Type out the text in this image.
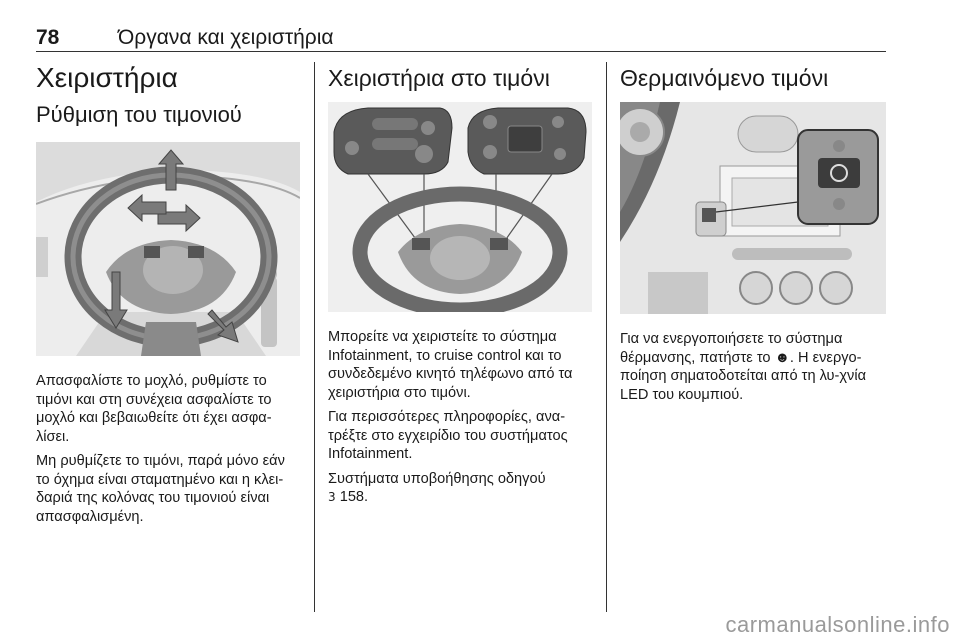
78	Όργανα και χειριστήρια
Χειριστήρια
Ρύθμιση του τιμονιού

Απασφαλίστε το μοχλό, ρυθμίστε το τιμόνι και στη συνέχεια ασφαλίστε το μοχλό και βεβαιωθείτε ότι έχει ασφα-λίσει.

Μη ρυθμίζετε το τιμόνι, παρά μόνο εάν το όχημα είναι σταματημένο και η κλει-δαριά της κολόνας του τιμονιού είναι απασφαλισμένη.

Χειριστήρια στο τιμόνι

Μπορείτε να χειριστείτε το σύστημα Infotainment, το cruise control και το συνδεδεμένο κινητό τηλέφωνο από τα χειριστήρια στο τιμόνι.

Για περισσότερες πληροφορίες, ανα-τρέξτε στο εγχειρίδιο του συστήματος Infotainment.

Συστήματα υποβοήθησης οδηγού
3 158.

Θερμαινόμενο τιμόνι

Για να ενεργοποιήσετε το σύστημα θέρμανσης, πατήστε το ☻. Η ενεργο-ποίηση σηματοδοτείται από τη λυ-χνία LED του κουμπιού.

carmanualsonline.info
